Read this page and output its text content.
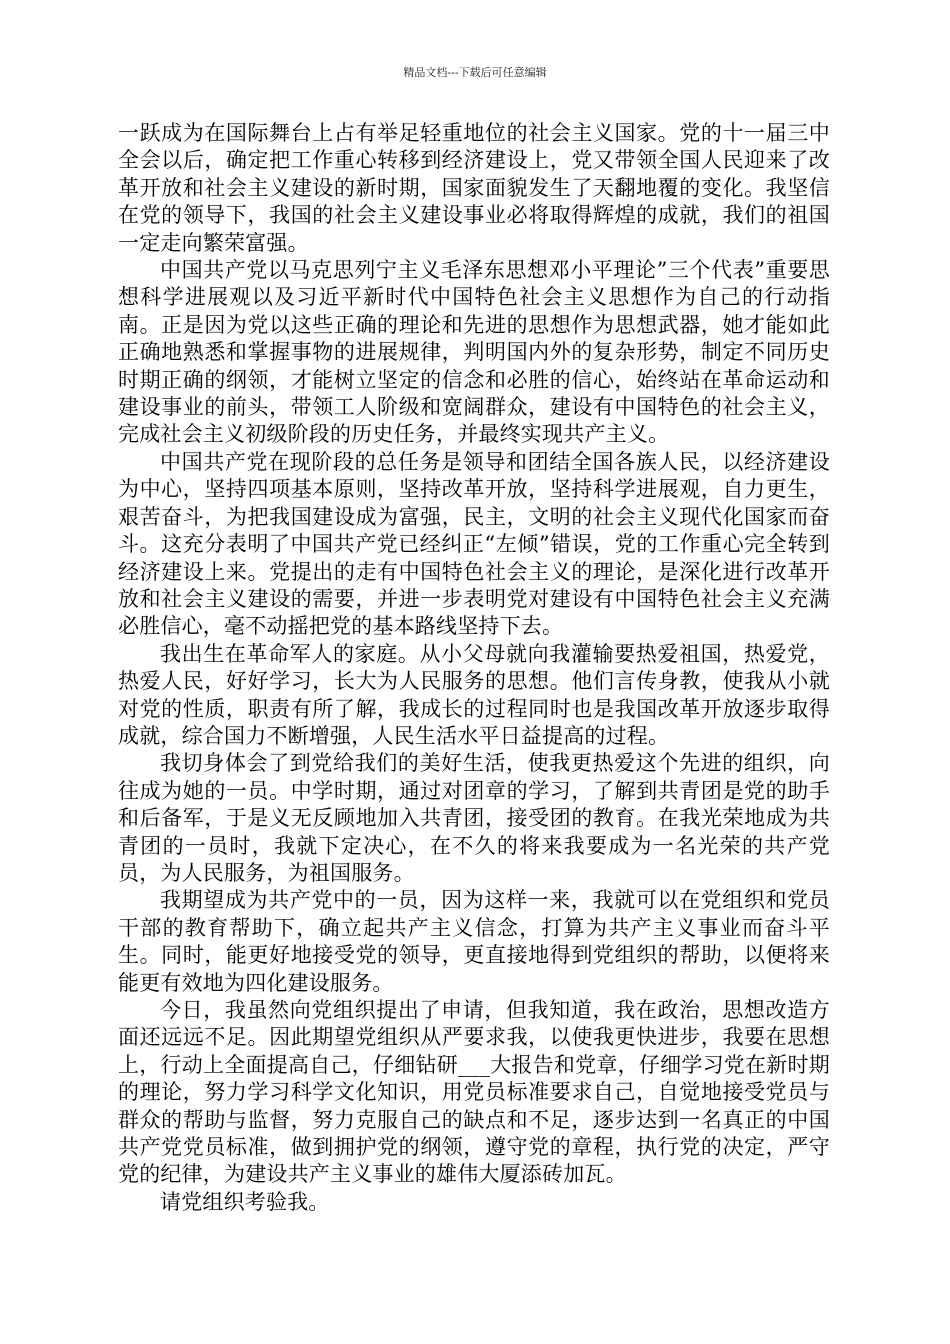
精品文档---下载后可任意编辑

一跃成为在国际舞台上占有举足轻重地位的社会主义国家。党的十一届三中全会以后，确定把工作重心转移到经济建设上，党又带领全国人民迎来了改革开放和社会主义建设的新时期，国家面貌发生了天翻地覆的变化。我坚信在党的领导下，我国的社会主义建设事业必将取得辉煌的成就，我们的祖国一定走向繁荣富强。

中国共产党以马克思列宁主义毛泽东思想邓小平理论”三个代表”重要思想科学进展观以及习近平新时代中国特色社会主义思想作为自己的行动指南。正是因为党以这些正确的理论和先进的思想作为思想武器，她才能如此正确地熟悉和掌握事物的进展规律，判明国内外的复杂形势，制定不同历史时期正确的纲领，才能树立坚定的信念和必胜的信心，始终站在革命运动和建设事业的前头，带领工人阶级和宽阔群众，建设有中国特色的社会主义，完成社会主义初级阶段的历史任务，并最终实现共产主义。

中国共产党在现阶段的总任务是领导和团结全国各族人民，以经济建设为中心，坚持四项基本原则，坚持改革开放，坚持科学进展观，自力更生，艰苦奋斗，为把我国建设成为富强，民主，文明的社会主义现代化国家而奋斗。这充分表明了中国共产党已经纠正“左倾”错误，党的工作重心完全转到经济建设上来。党提出的走有中国特色社会主义的理论，是深化进行改革开放和社会主义建设的需要，并进一步表明党对建设有中国特色社会主义充满必胜信心，毫不动摇把党的基本路线坚持下去。

我出生在革命军人的家庭。从小父母就向我灌输要热爱祖国，热爱党，热爱人民，好好学习，长大为人民服务的思想。他们言传身教，使我从小就对党的性质，职责有所了解，我成长的过程同时也是我国改革开放逐步取得成就，综合国力不断增强，人民生活水平日益提高的过程。

我切身体会了到党给我们的美好生活，使我更热爱这个先进的组织，向往成为她的一员。中学时期，通过对团章的学习，了解到共青团是党的助手和后备军，于是义无反顾地加入共青团，接受团的教育。在我光荣地成为共青团的一员时，我就下定决心，在不久的将来我要成为一名光荣的共产党员，为人民服务，为祖国服务。

我期望成为共产党中的一员，因为这样一来，我就可以在党组织和党员干部的教育帮助下，确立起共产主义信念，打算为共产主义事业而奋斗平生。同时，能更好地接受党的领导，更直接地得到党组织的帮助，以便将来能更有效地为四化建设服务。

今日，我虽然向党组织提出了申请，但我知道，我在政治，思想改造方面还远远不足。因此期望党组织从严要求我，以使我更快进步，我要在思想上，行动上全面提高自己，仔细钻研___大报告和党章，仔细学习党在新时期的理论，努力学习科学文化知识，用党员标准要求自己，自觉地接受党员与群众的帮助与监督，努力克服自己的缺点和不足，逐步达到一名真正的中国共产党党员标准，做到拥护党的纲领，遵守党的章程，执行党的决定，严守党的纪律，为建设共产主义事业的雄伟大厦添砖加瓦。

请党组织考验我。
